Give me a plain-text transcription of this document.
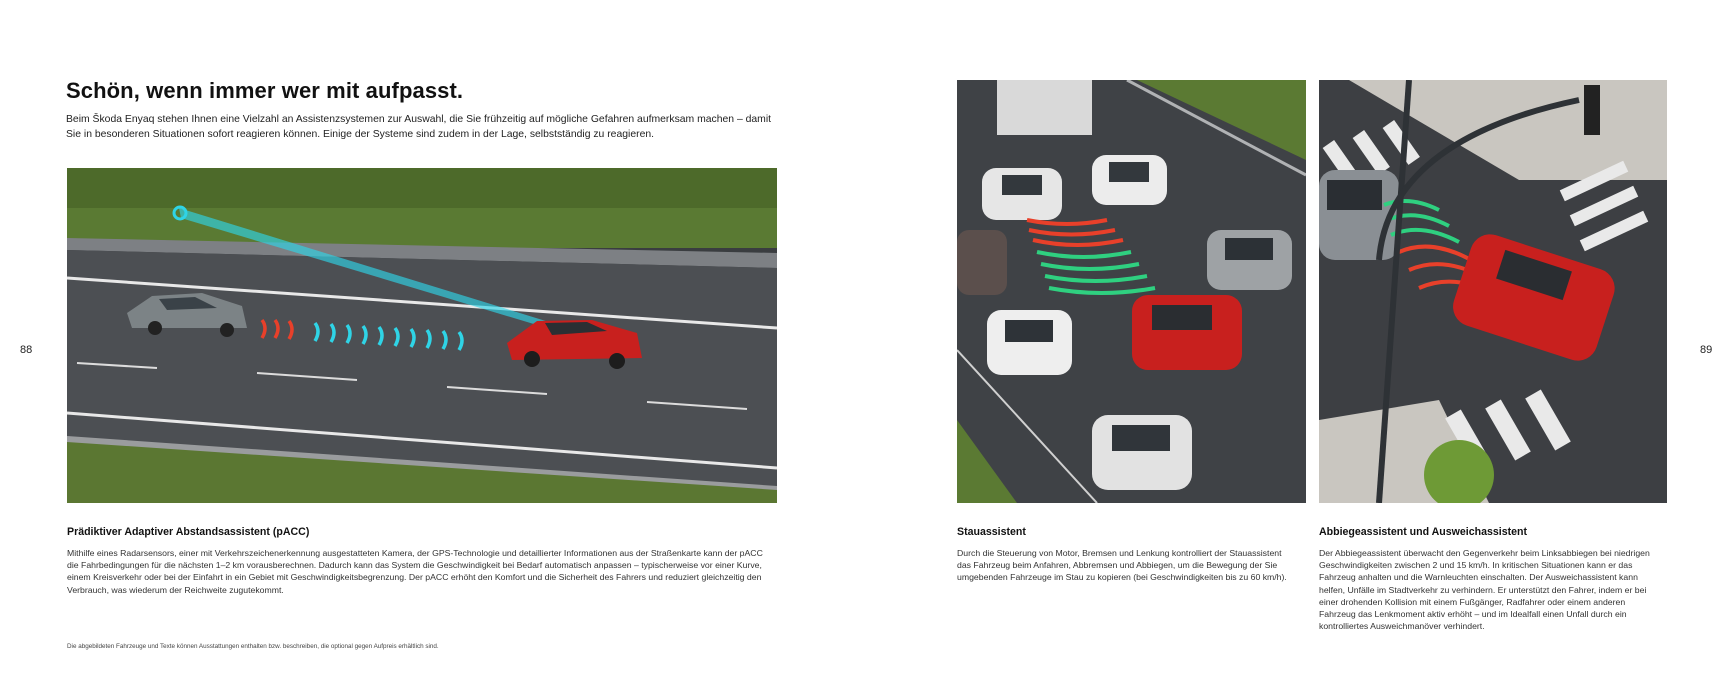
88	89
Schön, wenn immer wer mit aufpasst.

Beim Škoda Enyaq stehen Ihnen eine Vielzahl an Assistenzsystemen zur Auswahl, die Sie frühzeitig auf mögliche Gefahren aufmerksam machen – damit Sie in besonderen Situationen sofort reagieren können. Einige der Systeme sind zudem in der Lage, selbstständig zu reagieren.

Prädiktiver Adaptiver Abstandsassistent (pACC)

Mithilfe eines Radarsensors, einer mit Verkehrszeichenerkennung ausgestatteten Kamera, der GPS-Technologie und detaillierter Informationen aus der Straßenkarte kann der pACC die Fahrbedingungen für die nächsten 1–2 km vorausberechnen. Dadurch kann das System die Geschwindigkeit bei Bedarf automatisch anpassen – typischerweise vor einer Kurve, einem Kreisverkehr oder bei der Einfahrt in ein Gebiet mit Geschwindigkeitsbegrenzung. Der pACC erhöht den Komfort und die Sicherheit des Fahrers und reduziert gleichzeitig den Verbrauch, was wiederum der Reichweite zugutekommt.

Stauassistent

Durch die Steuerung von Motor, Bremsen und Lenkung kontrolliert der Stauassistent das Fahrzeug beim Anfahren, Abbremsen und Abbiegen, um die Bewegung der Sie umgebenden Fahrzeuge im Stau zu kopieren (bei Geschwindigkeiten bis zu 60 km/h).

Abbiegeassistent und Ausweichassistent

Der Abbiegeassistent überwacht den Gegenverkehr beim Linksabbiegen bei niedrigen Geschwindigkeiten zwischen 2 und 15 km/h. In kritischen Situationen kann er das Fahrzeug anhalten und die Warnleuchten einschalten. Der Ausweichassistent kann helfen, Unfälle im Stadtverkehr zu verhindern. Er unterstützt den Fahrer, indem er bei einer drohenden Kollision mit einem Fußgänger, Radfahrer oder einem anderen Fahrzeug das Lenkmoment aktiv erhöht – und im Idealfall einen Unfall durch ein kontrolliertes Ausweichmanöver verhindert.

Die abgebildeten Fahrzeuge und Texte können Ausstattungen enthalten bzw. beschreiben, die optional gegen Aufpreis erhältlich sind.
